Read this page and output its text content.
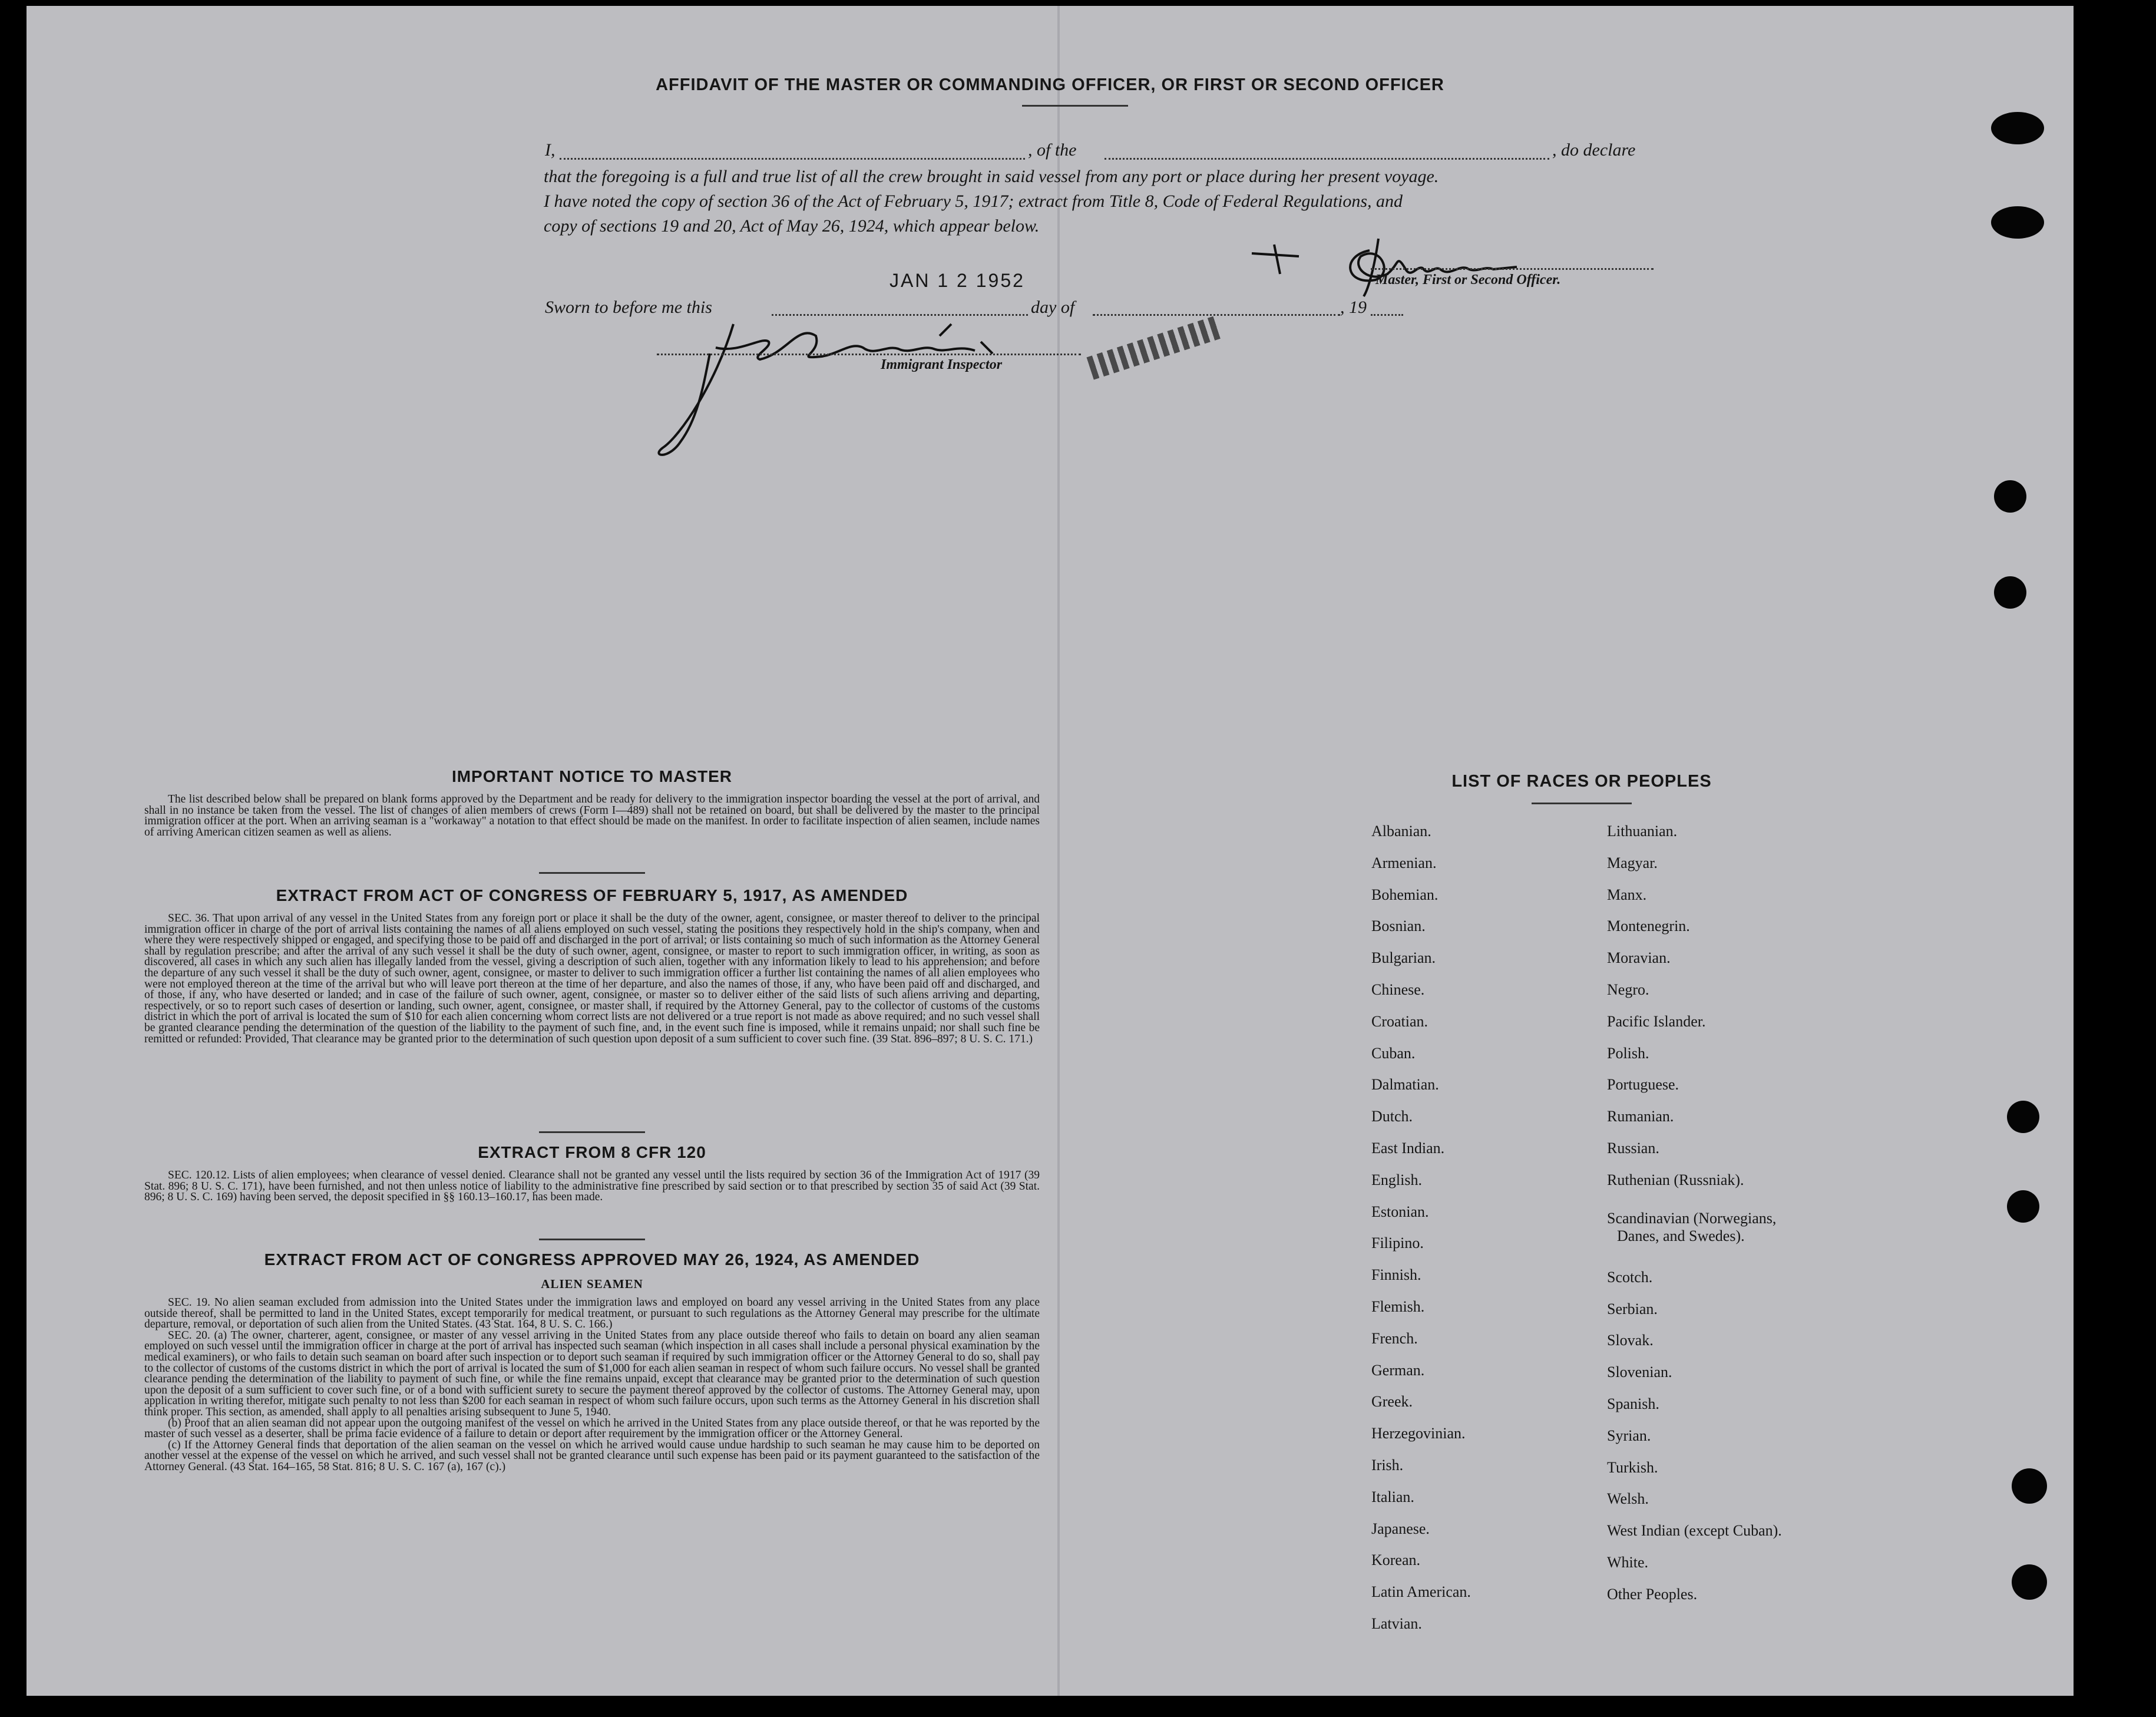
AFFIDAVIT OF THE MASTER OR COMMANDING OFFICER, OR FIRST OR SECOND OFFICER
I,	, of the	, do declare
that the foregoing is a full and true list of all the crew brought in said vessel from any port or place during her present voyage.
I have noted the copy of section 36 of the Act of February 5, 1917; extract from Title 8, Code of Federal Regulations, and
copy of sections 19 and 20, Act of May 26, 1924, which appear below.
JAN 1 2 1952	Master, First or Second Officer.
Sworn to before me this	day of	, 19
Immigrant Inspector
IMPORTANT NOTICE TO MASTER

The list described below shall be prepared on blank forms approved by the Department and be ready for delivery to the immigration inspector boarding the vessel at the port of arrival, and shall in no instance be taken from the vessel. The list of changes of alien members of crews (Form I—489) shall not be retained on board, but shall be delivered by the master to the principal immigration officer at the port. When an arriving seaman is a "workaway" a notation to that effect should be made on the manifest. In order to facilitate inspection of alien seamen, include names of arriving American citizen seamen as well as aliens.

EXTRACT FROM ACT OF CONGRESS OF FEBRUARY 5, 1917, AS AMENDED

SEC. 36. That upon arrival of any vessel in the United States from any foreign port or place it shall be the duty of the owner, agent, consignee, or master thereof to deliver to the principal immigration officer in charge of the port of arrival lists containing the names of all aliens employed on such vessel, stating the positions they respectively hold in the ship's company, when and where they were respectively shipped or engaged, and specifying those to be paid off and discharged in the port of arrival; or lists containing so much of such information as the Attorney General shall by regulation prescribe; and after the arrival of any such vessel it shall be the duty of such owner, agent, consignee, or master to report to such immigration officer, in writing, as soon as discovered, all cases in which any such alien has illegally landed from the vessel, giving a description of such alien, together with any information likely to lead to his apprehension; and before the departure of any such vessel it shall be the duty of such owner, agent, consignee, or master to deliver to such immigration officer a further list containing the names of all alien employees who were not employed thereon at the time of the arrival but who will leave port thereon at the time of her departure, and also the names of those, if any, who have been paid off and discharged, and of those, if any, who have deserted or landed; and in case of the failure of such owner, agent, consignee, or master so to deliver either of the said lists of such aliens arriving and departing, respectively, or so to report such cases of desertion or landing, such owner, agent, consignee, or master shall, if required by the Attorney General, pay to the collector of customs of the customs district in which the port of arrival is located the sum of $10 for each alien concerning whom correct lists are not delivered or a true report is not made as above required; and no such vessel shall be granted clearance pending the determination of the question of the liability to the payment of such fine, and, in the event such fine is imposed, while it remains unpaid; nor shall such fine be remitted or refunded: Provided, That clearance may be granted prior to the determination of such question upon deposit of a sum sufficient to cover such fine. (39 Stat. 896–897; 8 U. S. C. 171.)

EXTRACT FROM 8 CFR 120

SEC. 120.12. Lists of alien employees; when clearance of vessel denied. Clearance shall not be granted any vessel until the lists required by section 36 of the Immigration Act of 1917 (39 Stat. 896; 8 U. S. C. 171), have been furnished, and not then unless notice of liability to the administrative fine prescribed by said section or to that prescribed by section 35 of said Act (39 Stat. 896; 8 U. S. C. 169) having been served, the deposit specified in §§ 160.13–160.17, has been made.

EXTRACT FROM ACT OF CONGRESS APPROVED MAY 26, 1924, AS AMENDED
ALIEN SEAMEN

SEC. 19. No alien seaman excluded from admission into the United States under the immigration laws and employed on board any vessel arriving in the United States from any place outside thereof, shall be permitted to land in the United States, except temporarily for medical treatment, or pursuant to such regulations as the Attorney General may prescribe for the ultimate departure, removal, or deportation of such alien from the United States. (43 Stat. 164, 8 U. S. C. 166.)

SEC. 20. (a) The owner, charterer, agent, consignee, or master of any vessel arriving in the United States from any place outside thereof who fails to detain on board any alien seaman employed on such vessel until the immigration officer in charge at the port of arrival has inspected such seaman (which inspection in all cases shall include a personal physical examination by the medical examiners), or who fails to detain such seaman on board after such inspection or to deport such seaman if required by such immigration officer or the Attorney General to do so, shall pay to the collector of customs of the customs district in which the port of arrival is located the sum of $1,000 for each alien seaman in respect of whom such failure occurs. No vessel shall be granted clearance pending the determination of the liability to payment of such fine, or while the fine remains unpaid, except that clearance may be granted prior to the determination of such question upon the deposit of a sum sufficient to cover such fine, or of a bond with sufficient surety to secure the payment thereof approved by the collector of customs. The Attorney General may, upon application in writing therefor, mitigate such penalty to not less than $200 for each seaman in respect of whom such failure occurs, upon such terms as the Attorney General in his discretion shall think proper. This section, as amended, shall apply to all penalties arising subsequent to June 5, 1940.

(b) Proof that an alien seaman did not appear upon the outgoing manifest of the vessel on which he arrived in the United States from any place outside thereof, or that he was reported by the master of such vessel as a deserter, shall be prima facie evidence of a failure to detain or deport after requirement by the immigration officer or the Attorney General.

(c) If the Attorney General finds that deportation of the alien seaman on the vessel on which he arrived would cause undue hardship to such seaman he may cause him to be deported on another vessel at the expense of the vessel on which he arrived, and such vessel shall not be granted clearance until such expense has been paid or its payment guaranteed to the satisfaction of the Attorney General. (43 Stat. 164–165, 58 Stat. 816; 8 U. S. C. 167 (a), 167 (c).)

LIST OF RACES OR PEOPLES
Albanian.
Armenian.
Bohemian.
Bosnian.
Bulgarian.
Chinese.
Croatian.
Cuban.
Dalmatian.
Dutch.
East Indian.
English.
Estonian.
Filipino.
Finnish.
Flemish.
French.
German.
Greek.
Herzegovinian.
Irish.
Italian.
Japanese.
Korean.
Latin American.
Latvian.
Lithuanian.
Magyar.
Manx.
Montenegrin.
Moravian.
Negro.
Pacific Islander.
Polish.
Portuguese.
Rumanian.
Russian.
Ruthenian (Russniak).
Scandinavian (Norwegians,
Danes, and Swedes).
Scotch.
Serbian.
Slovak.
Slovenian.
Spanish.
Syrian.
Turkish.
Welsh.
West Indian (except Cuban).
White.
Other Peoples.
